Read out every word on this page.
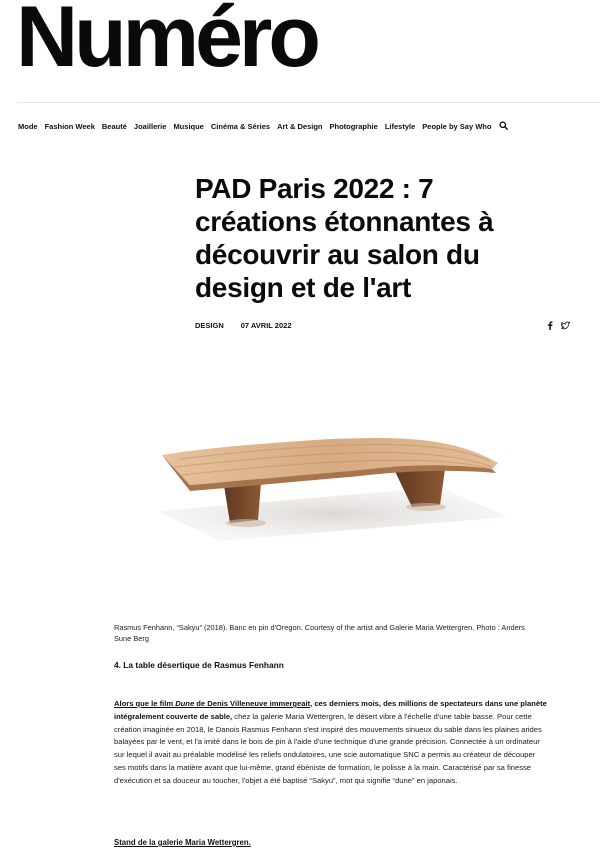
Numéro
Mode Fashion Week Beauté Joaillerie Musique Cinéma & Séries Art & Design Photographie Lifestyle People by Say Who
PAD Paris 2022 : 7 créations étonnantes à découvrir au salon du design et de l'art
DESIGN 07 AVRIL 2022

Rasmus Fenhann, “Sakyu” (2018). Banc en pin d'Oregon. Courtesy of the artist and Galerie Maria Wettergren. Photo : Anders Sune Berg

4. La table désertique de Rasmus Fenhann

Alors que le film Dune de Denis Villeneuve immergeait, ces derniers mois, des millions de spectateurs dans une planète intégralement couverte de sable, chez la galerie Maria Wettergren, le désert vibre à l'échelle d'une table basse. Pour cette création imaginée en 2018, le Danois Rasmus Fenhann s'est inspiré des mouvements sinueux du sable dans les plaines arides balayées par le vent, et l'a imité dans le bois de pin à l'aide d'une technique d'une grande précision. Connectée à un ordinateur sur lequel il avait au préalable modélisé les reliefs ondulatoires, une scie automatique SNC a permis au créateur de découper ses motifs dans la matière avant que lui-même, grand ébéniste de formation, le polisse à la main. Caractérisé par sa finesse d'exécution et sa douceur au toucher, l'objet a été baptisé “Sakyu”, mot qui signifie “dune” en japonais.

Stand de la galerie Maria Wettergren.
